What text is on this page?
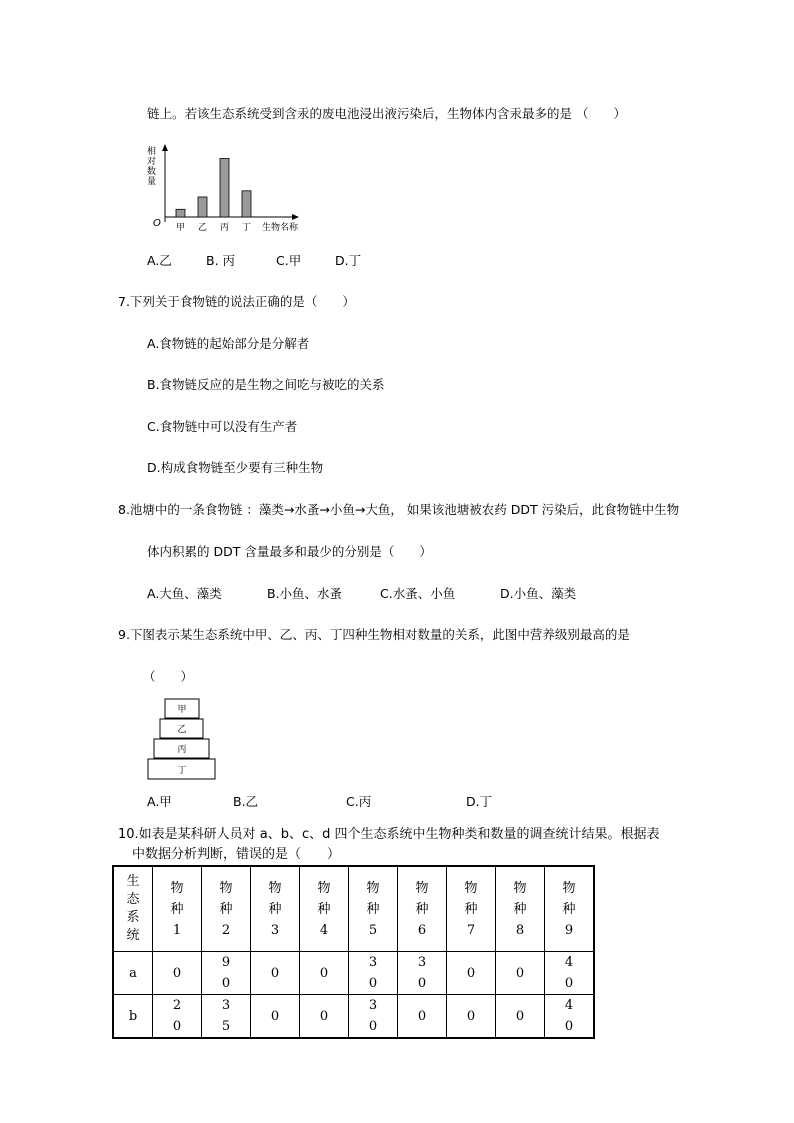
链上。若该生态系统受到含汞的废电池浸出液污染后，生物体内含汞最多的是 （　　）
相
对
数
量
O	生物名称
甲 乙 丙 丁
A.乙	B. 丙	C.甲	D.丁
7.下列关于食物链的说法正确的是（　　）
A.食物链的起始部分是分解者
B.食物链反应的是生物之间吃与被吃的关系
C.食物链中可以没有生产者
D.构成食物链至少要有三种生物
8.池塘中的一条食物链 ：藻类→水蚤→小鱼→大鱼， 如果该池塘被农药 DDT 污染后，此食物链中生物
体内积累的 DDT 含量最多和最少的分别是（　　）
A.大鱼、藻类	B.小鱼、水蚤	C.水蚤、小鱼	D.小鱼、藻类
9.下图表示某生态系统中甲、乙、丙、丁四种生物相对数量的关系，此图中营养级别最高的是
（　　）
甲
乙
丙
丁
A.甲	B.乙	C.丙	D.丁
10.如表是某科研人员对 a、b、c、d 四个生态系统中生物种类和数量的调查统计结果。根据表
中数据分析判断，错误的是（　　）
生态系统	物种1	物种2	物种3	物种4	物种5	物种6	物种7	物种8	物种9
a	0	90	0	0	30	30	0	0	40
b	20	35	0	0	30	0	0	0	40
